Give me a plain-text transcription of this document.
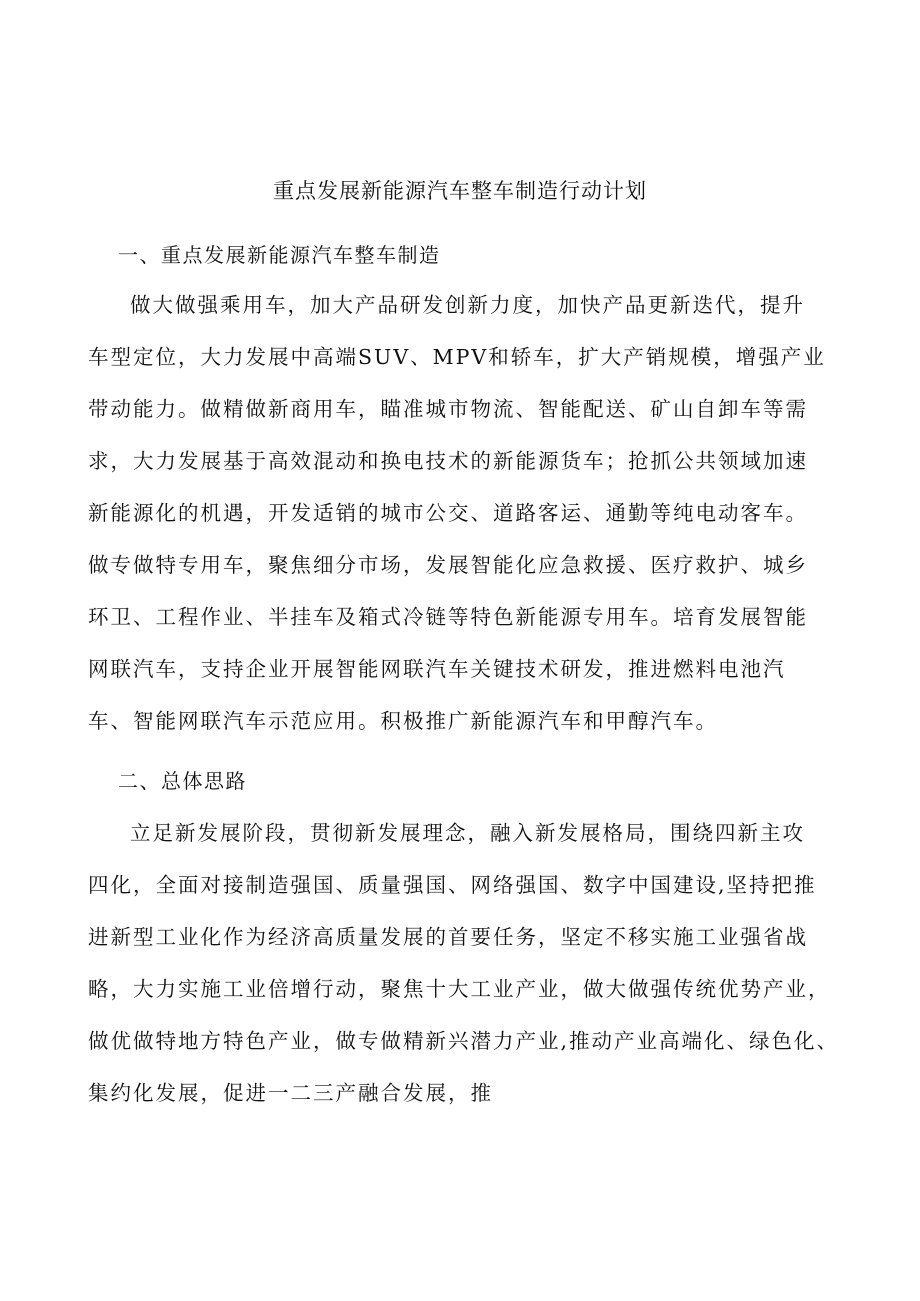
重点发展新能源汽车整车制造行动计划
一、重点发展新能源汽车整车制造
做大做强乘用车，加大产品研发创新力度，加快产品更新迭代，提升
车型定位，大力发展中高端SUV、MPV和轿车，扩大产销规模，增强产业
带动能力。做精做新商用车，瞄准城市物流、智能配送、矿山自卸车等需
求，大力发展基于高效混动和换电技术的新能源货车；抢抓公共领域加速
新能源化的机遇，开发适销的城市公交、道路客运、通勤等纯电动客车。
做专做特专用车，聚焦细分市场，发展智能化应急救援、医疗救护、城乡
环卫、工程作业、半挂车及箱式冷链等特色新能源专用车。培育发展智能
网联汽车，支持企业开展智能网联汽车关键技术研发，推进燃料电池汽
车、智能网联汽车示范应用。积极推广新能源汽车和甲醇汽车。
二、总体思路
立足新发展阶段，贯彻新发展理念，融入新发展格局，围绕四新主攻
四化，全面对接制造强国、质量强国、网络强国、数字中国建设,坚持把推
进新型工业化作为经济高质量发展的首要任务，坚定不移实施工业强省战
略，大力实施工业倍增行动，聚焦十大工业产业，做大做强传统优势产业，
做优做特地方特色产业，做专做精新兴潜力产业,推动产业高端化、绿色化、
集约化发展，促进一二三产融合发展，推
